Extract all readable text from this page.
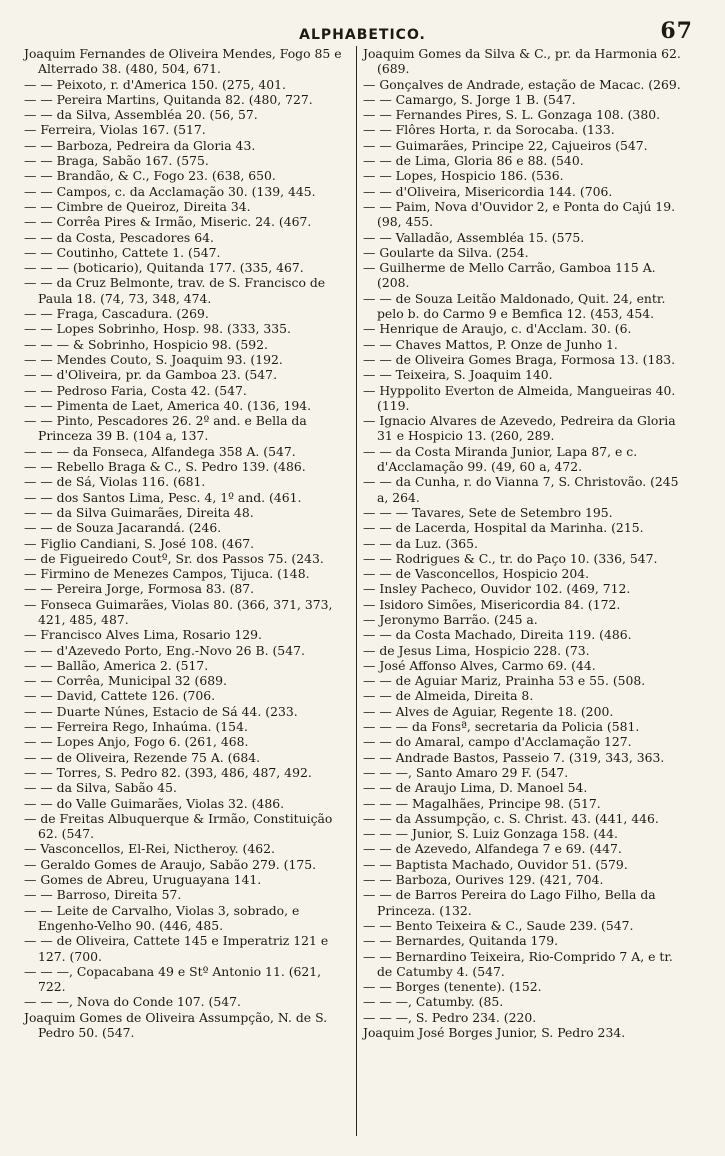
ALPHABETICO.	67
Joaquim Fernandes de Oliveira Mendes, Fogo 85 e Alterrado 38. (480, 504, 671.
— — Peixoto, r. d'America 150. (275, 401.
— — Pereira Martins, Quitanda 82. (480, 727.
— — da Silva, Assembléa 20. (56, 57.
— Ferreira, Violas 167. (517.
— — Barboza, Pedreira da Gloria 43.
— — Braga, Sabão 167. (575.
— — Brandão, & C., Fogo 23. (638, 650.
— — Campos, c. da Acclamação 30. (139, 445.
— — Cimbre de Queiroz, Direita 34.
— — Corrêa Pires & Irmão, Miseric. 24. (467.
— — da Costa, Pescadores 64.
— — Coutinho, Cattete 1. (547.
— — — (boticario), Quitanda 177. (335, 467.
— — da Cruz Belmonte, trav. de S. Francisco de Paula 18. (74, 73, 348, 474.
— — Fraga, Cascadura. (269.
— — Lopes Sobrinho, Hosp. 98. (333, 335.
— — — & Sobrinho, Hospicio 98. (592.
— — Mendes Couto, S. Joaquim 93. (192.
— — d'Oliveira, pr. da Gamboa 23. (547.
— — Pedroso Faria, Costa 42. (547.
— — Pimenta de Laet, America 40. (136, 194.
— — Pinto, Pescadores 26. 2º and. e Bella da Princeza 39 B. (104 a, 137.
— — — da Fonseca, Alfandega 358 A. (547.
— — Rebello Braga & C., S. Pedro 139. (486.
— — de Sá, Violas 116. (681.
— — dos Santos Lima, Pesc. 4, 1º and. (461.
— — da Silva Guimarães, Direita 48.
— — de Souza Jacarandá. (246.
— Figlio Candiani, S. José 108. (467.
— de Figueiredo Coutº, Sr. dos Passos 75. (243.
— Firmino de Menezes Campos, Tijuca. (148.
— — Pereira Jorge, Formosa 83. (87.
— Fonseca Guimarães, Violas 80. (366, 371, 373, 421, 485, 487.
— Francisco Alves Lima, Rosario 129.
— — d'Azevedo Porto, Eng.-Novo 26 B. (547.
— — Ballão, America 2. (517.
— — Corrêa, Municipal 32 (689.
— — David, Cattete 126. (706.
— — Duarte Núnes, Estacio de Sá 44. (233.
— — Ferreira Rego, Inhaúma. (154.
— — Lopes Anjo, Fogo 6. (261, 468.
— — de Oliveira, Rezende 75 A. (684.
— — Torres, S. Pedro 82. (393, 486, 487, 492.
— — da Silva, Sabão 45.
— — do Valle Guimarães, Violas 32. (486.
— de Freitas Albuquerque & Irmão, Constituição 62. (547.
— Vasconcellos, El-Rei, Nictheroy. (462.
— Geraldo Gomes de Araujo, Sabão 279. (175.
— Gomes de Abreu, Uruguayana 141.
— — Barroso, Direita 57.
— — Leite de Carvalho, Violas 3, sobrado, e Engenho-Velho 90. (446, 485.
— — de Oliveira, Cattete 145 e Imperatriz 121 e 127. (700.
— — —, Copacabana 49 e Stº Antonio 11. (621, 722.
— — —, Nova do Conde 107. (547.
Joaquim Gomes de Oliveira Assumpção, N. de S. Pedro 50. (547.
Joaquim Gomes da Silva & C., pr. da Harmonia 62. (689.
— Gonçalves de Andrade, estação de Macac. (269.
— — Camargo, S. Jorge 1 B. (547.
— — Fernandes Pires, S. L. Gonzaga 108. (380.
— — Flôres Horta, r. da Sorocaba. (133.
— — Guimarães, Principe 22, Cajueiros (547.
— — de Lima, Gloria 86 e 88. (540.
— — Lopes, Hospicio 186. (536.
— — d'Oliveira, Misericordia 144. (706.
— — Paim, Nova d'Ouvidor 2, e Ponta do Cajú 19. (98, 455.
— — Valladão, Assembléa 15. (575.
— Goularte da Silva. (254.
— Guilherme de Mello Carrão, Gamboa 115 A. (208.
— — de Souza Leitão Maldonado, Quit. 24, entr. pelo b. do Carmo 9 e Bemfica 12. (453, 454.
— Henrique de Araujo, c. d'Acclam. 30. (6.
— — Chaves Mattos, P. Onze de Junho 1.
— — de Oliveira Gomes Braga, Formosa 13. (183.
— — Teixeira, S. Joaquim 140.
— Hyppolito Everton de Almeida, Mangueiras 40. (119.
— Ignacio Alvares de Azevedo, Pedreira da Gloria 31 e Hospicio 13. (260, 289.
— — da Costa Miranda Junior, Lapa 87, e c. d'Acclamação 99. (49, 60 a, 472.
— — da Cunha, r. do Vianna 7, S. Christovão. (245 a, 264.
— — — Tavares, Sete de Setembro 195.
— — de Lacerda, Hospital da Marinha. (215.
— — da Luz. (365.
— — Rodrigues & C., tr. do Paço 10. (336, 547.
— — de Vasconcellos, Hospicio 204.
— Insley Pacheco, Ouvidor 102. (469, 712.
— Isidoro Simões, Misericordia 84. (172.
— Jeronymo Barrão. (245 a.
— — da Costa Machado, Direita 119. (486.
— de Jesus Lima, Hospicio 228. (73.
— José Affonso Alves, Carmo 69. (44.
— — de Aguiar Mariz, Prainha 53 e 55. (508.
— — de Almeida, Direita 8.
— — Alves de Aguiar, Regente 18. (200.
— — — da Fonsª, secretaria da Policia (581.
— — do Amaral, campo d'Acclamação 127.
— — Andrade Bastos, Passeio 7. (319, 343, 363.
— — —, Santo Amaro 29 F. (547.
— — de Araujo Lima, D. Manoel 54.
— — — Magalhães, Principe 98. (517.
— — da Assumpção, c. S. Christ. 43. (441, 446.
— — — Junior, S. Luiz Gonzaga 158. (44.
— — de Azevedo, Alfandega 7 e 69. (447.
— — Baptista Machado, Ouvidor 51. (579.
— — Barboza, Ourives 129. (421, 704.
— — de Barros Pereira do Lago Filho, Bella da Princeza. (132.
— — Bento Teixeira & C., Saude 239. (547.
— — Bernardes, Quitanda 179.
— — Bernardino Teixeira, Rio-Comprido 7 A, e tr. de Catumby 4. (547.
— — Borges (tenente). (152.
— — —, Catumby. (85.
— — —, S. Pedro 234. (220.
Joaquim José Borges Junior, S. Pedro 234.
